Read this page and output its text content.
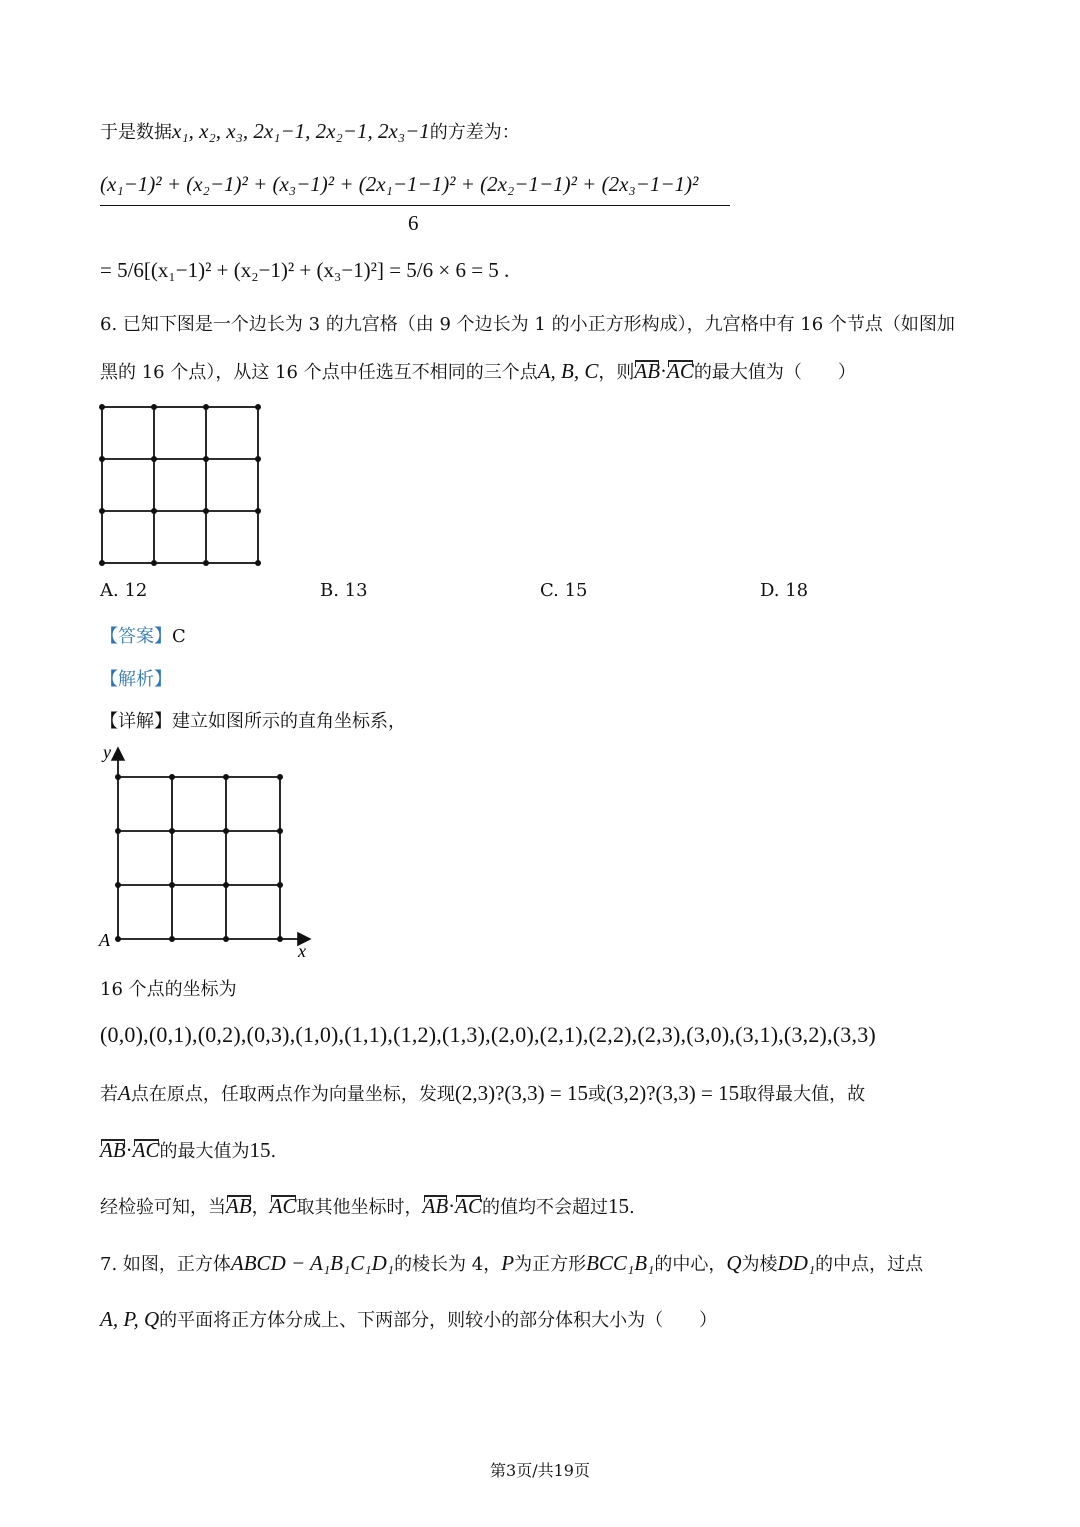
于是数据x₁, x₂, x₃, 2x₁−1, 2x₂−1, 2x₃−1的方差为：
(x₁−1)² + (x₂−1)² + (x₃−1)² + (2x₁−1−1)² + (2x₂−1−1)² + (2x₃−1−1)²
6
= 5/6[(x₁−1)² + (x₂−1)² + (x₃−1)²] = 5/6 × 6 = 5 .
6. 已知下图是一个边长为 3 的九宫格（由 9 个边长为 1 的小正方形构成），九宫格中有 16 个节点（如图加
黑的 16 个点），从这 16 个点中任选互不相同的三个点A, B, C，则AB·AC的最大值为（　　）
A. 12	B. 13	C. 15	D. 18
【答案】C
【解析】
【详解】建立如图所示的直角坐标系，
y
x
A
16 个点的坐标为
(0,0),(0,1),(0,2),(0,3),(1,0),(1,1),(1,2),(1,3),(2,0),(2,1),(2,2),(2,3),(3,0),(3,1),(3,2),(3,3)
若A点在原点，任取两点作为向量坐标，发现(2,3)?(3,3) = 15或(3,2)?(3,3) = 15取得最大值，故
AB·AC的最大值为15.
经检验可知，当AB，AC取其他坐标时，AB·AC的值均不会超过15.
7. 如图，正方体ABCD − A₁B₁C₁D₁的棱长为 4，P为正方形BCC₁B₁的中心，Q为棱DD₁的中点，过点
A, P, Q的平面将正方体分成上、下两部分，则较小的部分体积大小为（　　）
第3页/共19页
